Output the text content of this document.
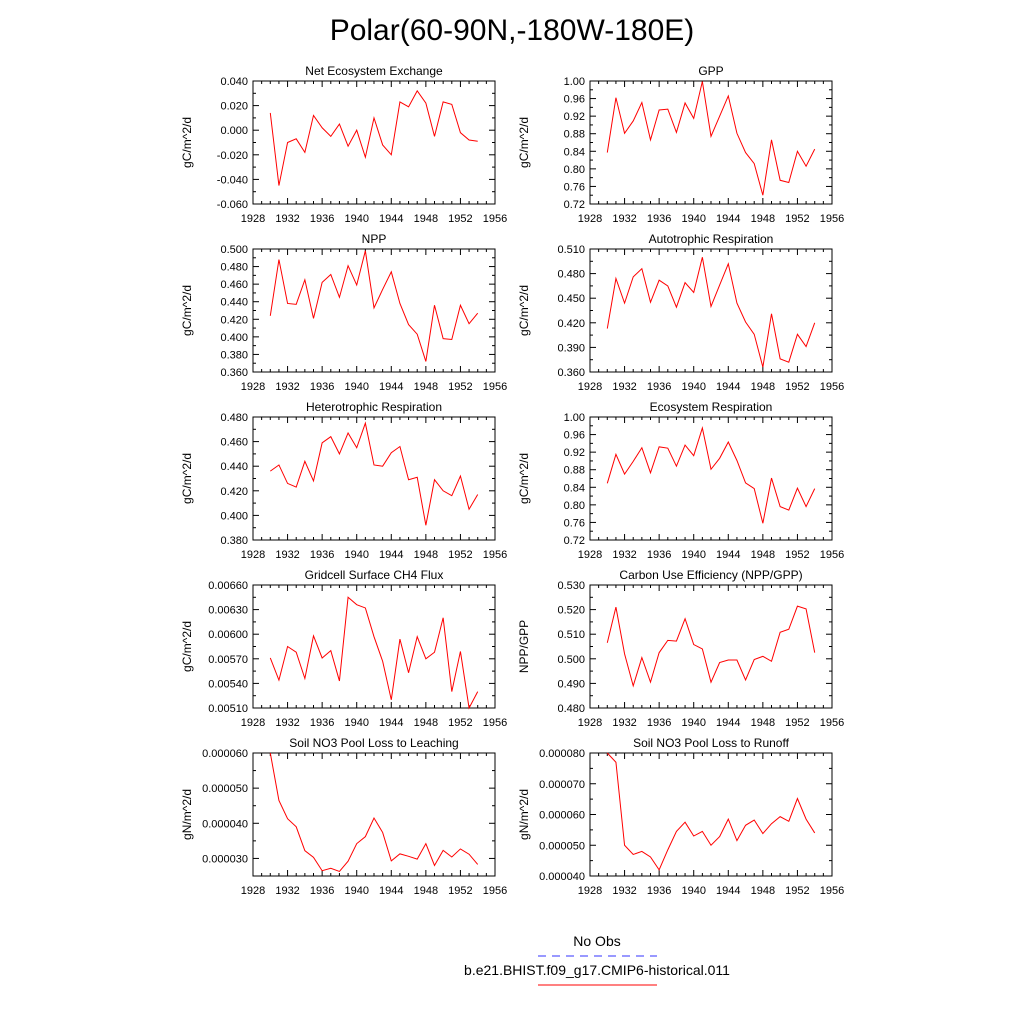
Polar(60-90N,-180W-180E)
Net Ecosystem Exchange
gC/m^2/d
1928 1932 1936 1940 1944 1948 1952 1956
-0.060
-0.040
-0.020
0.000
0.020
0.040
GPP
gC/m^2/d
1928 1932 1936 1940 1944 1948 1952 1956
0.72
0.76
0.80
0.84
0.88
0.92
0.96
1.00
NPP
gC/m^2/d
1928 1932 1936 1940 1944 1948 1952 1956
0.360
0.380
0.400
0.420
0.440
0.460
0.480
0.500
Autotrophic Respiration
gC/m^2/d
1928 1932 1936 1940 1944 1948 1952 1956
0.360
0.390
0.420
0.450
0.480
0.510
Heterotrophic Respiration
gC/m^2/d
1928 1932 1936 1940 1944 1948 1952 1956
0.380
0.400
0.420
0.440
0.460
0.480
Ecosystem Respiration
gC/m^2/d
1928 1932 1936 1940 1944 1948 1952 1956
0.72
0.76
0.80
0.84
0.88
0.92
0.96
1.00
Gridcell Surface CH4 Flux
gC/m^2/d
1928 1932 1936 1940 1944 1948 1952 1956
0.00510
0.00540
0.00570
0.00600
0.00630
0.00660
Carbon Use Efficiency (NPP/GPP)
NPP/GPP
1928 1932 1936 1940 1944 1948 1952 1956
0.480
0.490
0.500
0.510
0.520
0.530
Soil NO3 Pool Loss to Leaching
gN/m^2/d
1928 1932 1936 1940 1944 1948 1952 1956
0.000030
0.000040
0.000050
0.000060
Soil NO3 Pool Loss to Runoff
gN/m^2/d
1928 1932 1936 1940 1944 1948 1952 1956
0.000040
0.000050
0.000060
0.000070
0.000080
No Obs
b.e21.BHIST.f09_g17.CMIP6-historical.011
